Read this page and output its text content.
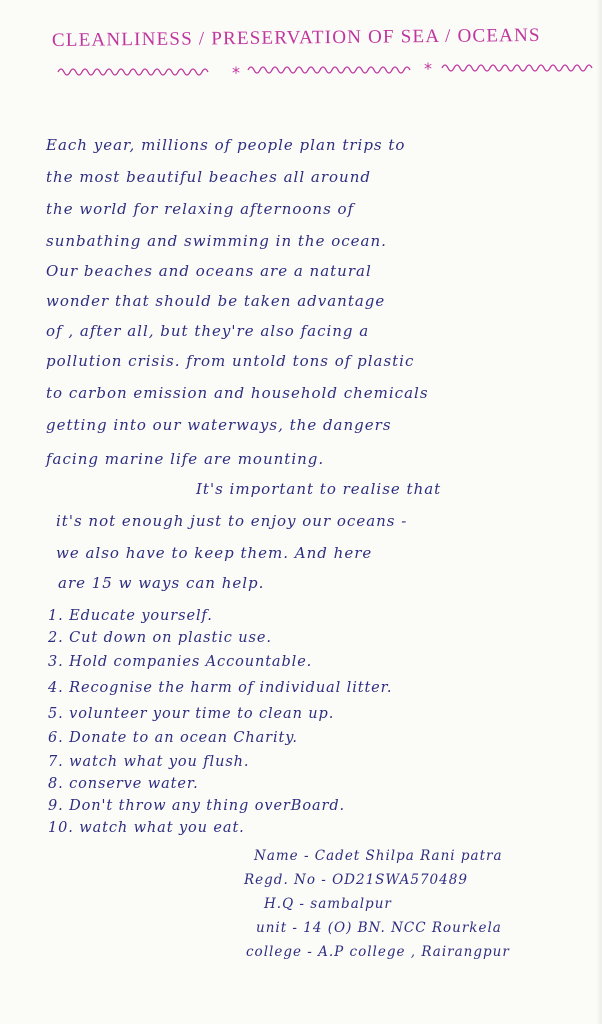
CLEANLINESS / PRESERVATION OF SEA / OCEANS
*	*
Each year, millions of people plan trips to
the most beautiful beaches all around
the world for relaxing afternoons of
sunbathing and swimming in the ocean.
Our beaches and oceans are a natural
wonder that should be taken advantage
of , after all, but they're also facing a
pollution crisis. from untold tons of plastic
to carbon emission and household chemicals
getting into our waterways, the dangers
facing marine life are mounting.
It's important to realise that
it's not enough just to enjoy our oceans -
we also have to keep them. And here
are 15 w ways can help.
1. Educate yourself.
2. Cut down on plastic use.
3. Hold companies Accountable.
4. Recognise the harm of individual litter.
5. volunteer your time to clean up.
6. Donate to an ocean Charity.
7. watch what you flush.
8. conserve water.
9. Don't throw any thing overBoard.
10. watch what you eat.
Name - Cadet Shilpa Rani patra
Regd. No - OD21SWA570489
H.Q - sambalpur
unit - 14 (O) BN. NCC Rourkela
college - A.P college , Rairangpur
